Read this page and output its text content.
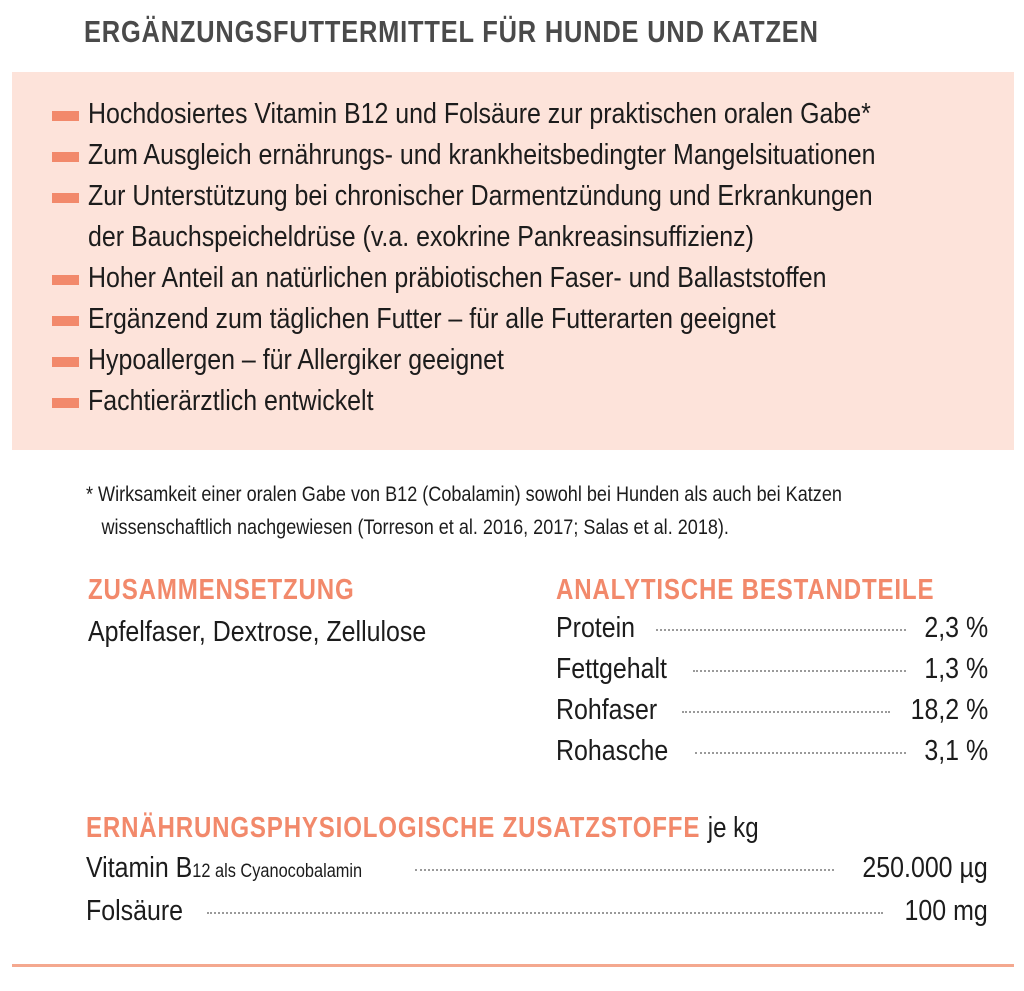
ERGÄNZUNGSFUTTERMITTEL FÜR HUNDE UND KATZEN
Hochdosiertes Vitamin B12 und Folsäure zur praktischen oralen Gabe*
Zum Ausgleich ernährungs- und krankheitsbedingter Mangelsituationen
Zur Unterstützung bei chronischer Darmentzündung und Erkrankungen
der Bauchspeicheldrüse (v.a. exokrine Pankreasinsuffizienz)
Hoher Anteil an natürlichen präbiotischen Faser- und Ballaststoffen
Ergänzend zum täglichen Futter – für alle Futterarten geeignet
Hypoallergen – für Allergiker geeignet
Fachtierärztlich entwickelt
* Wirksamkeit einer oralen Gabe von B12 (Cobalamin) sowohl bei Hunden als auch bei Katzen
wissenschaftlich nachgewiesen (Torreson et al. 2016, 2017; Salas et al. 2018).
ZUSAMMENSETZUNG
Apfelfaser, Dextrose, Zellulose
ANALYTISCHE BESTANDTEILE
Protein	2,3 %
Fettgehalt	1,3 %
Rohfaser	18,2 %
Rohasche	3,1 %
ERNÄHRUNGSPHYSIOLOGISCHE ZUSATZSTOFFE je kg
Vitamin B12 als Cyanocobalamin	250.000 µg
Folsäure	100 mg
